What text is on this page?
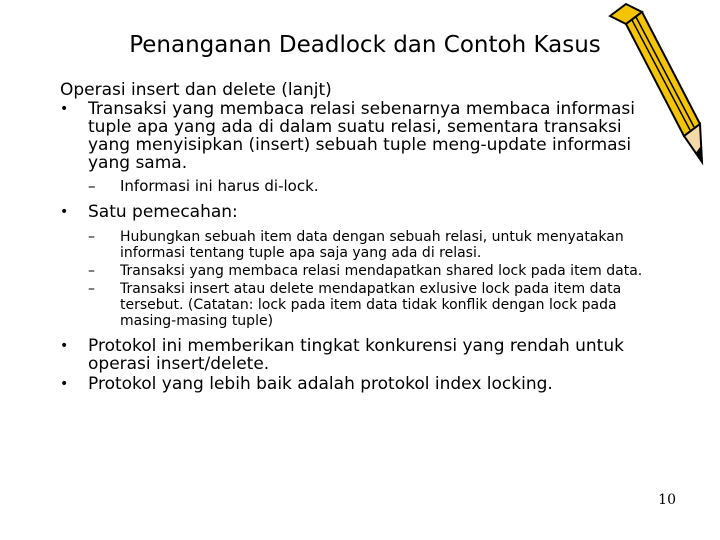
Penanganan Deadlock dan Contoh Kasus
Operasi insert dan delete (lanjt)
•	Transaksi yang membaca relasi sebenarnya membaca informasi tuple apa yang ada di dalam suatu relasi, sementara transaksi yang menyisipkan (insert) sebuah tuple meng-update informasi yang sama.
–	Informasi ini harus di-lock.
•	Satu pemecahan:
–	Hubungkan sebuah item data dengan sebuah relasi, untuk menyatakan informasi tentang tuple apa saja yang ada di relasi.
–	Transaksi yang membaca relasi mendapatkan shared lock pada item data.
–	Transaksi insert atau delete mendapatkan exlusive lock pada item data tersebut. (Catatan: lock pada item data tidak konflik dengan lock pada masing-masing tuple)
•	Protokol ini memberikan tingkat konkurensi yang rendah untuk operasi insert/delete.
•	Protokol yang lebih baik adalah protokol index locking.
10
